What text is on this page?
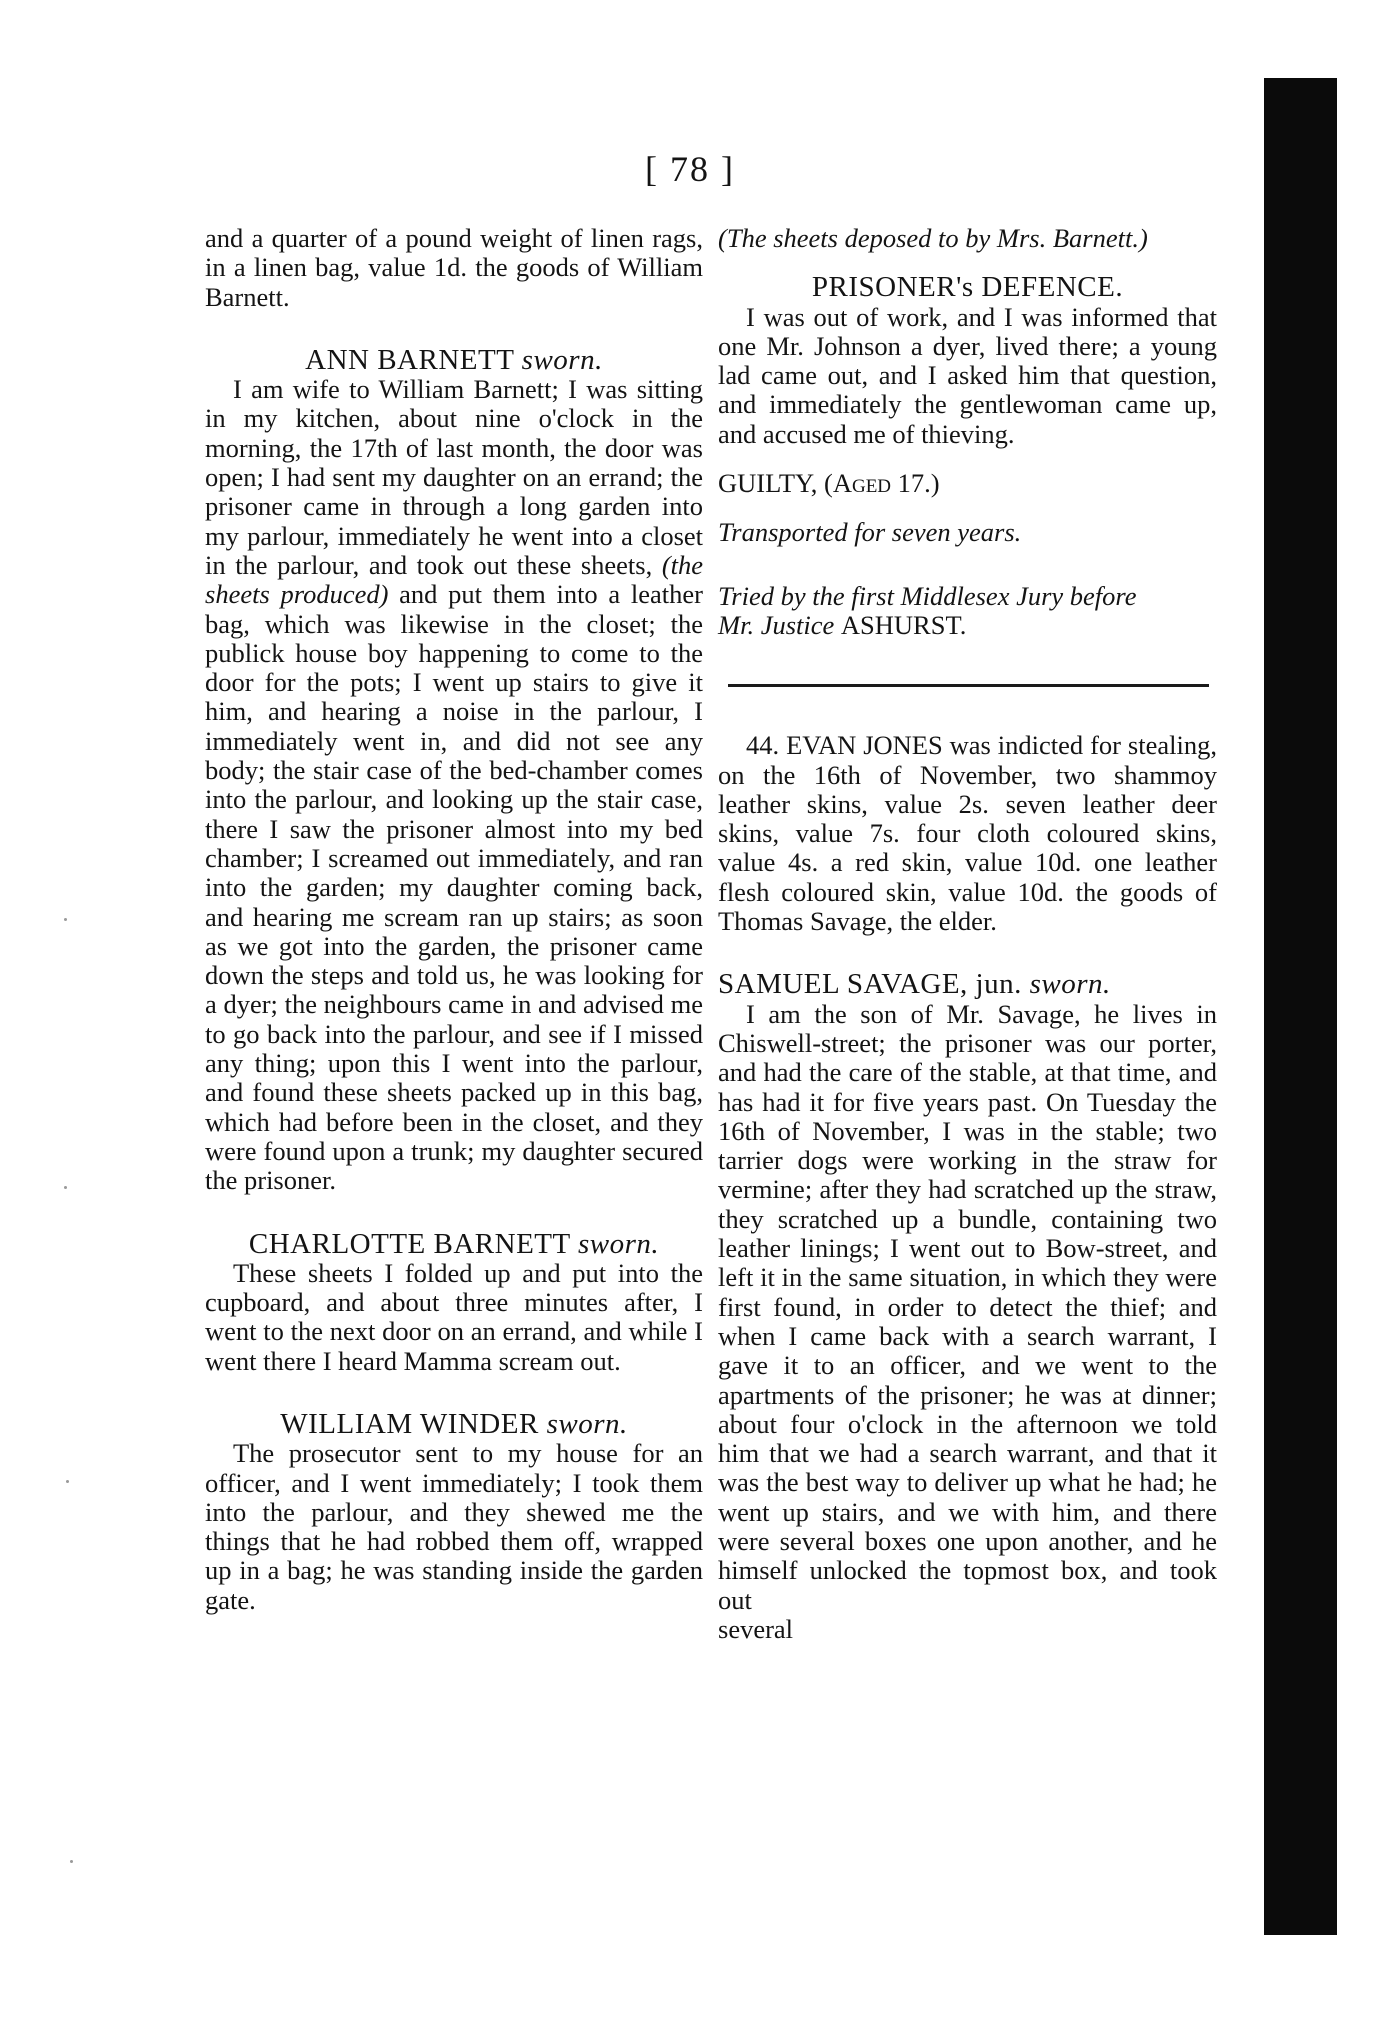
[ 78 ]

and a quarter of a pound weight of linen rags, in a linen bag, value 1d. the goods of William Barnett.

ANN BARNETT sworn.

I am wife to William Barnett; I was sitting in my kitchen, about nine o'clock in the morning, the 17th of last month, the door was open; I had sent my daughter on an errand; the prisoner came in through a long garden into my parlour, immediately he went into a closet in the parlour, and took out these sheets, (the sheets produced) and put them into a leather bag, which was likewise in the closet; the publick house boy happening to come to the door for the pots; I went up stairs to give it him, and hearing a noise in the parlour, I immediately went in, and did not see any body; the stair case of the bed-chamber comes into the parlour, and looking up the stair case, there I saw the prisoner almost into my bed chamber; I screamed out immediately, and ran into the garden; my daughter coming back, and hearing me scream ran up stairs; as soon as we got into the garden, the prisoner came down the steps and told us, he was looking for a dyer; the neighbours came in and advised me to go back into the parlour, and see if I missed any thing; upon this I went into the parlour, and found these sheets packed up in this bag, which had before been in the closet, and they were found upon a trunk; my daughter secured the prisoner.

CHARLOTTE BARNETT sworn.

These sheets I folded up and put into the cupboard, and about three minutes after, I went to the next door on an errand, and while I went there I heard Mamma scream out.

WILLIAM WINDER sworn.

The prosecutor sent to my house for an officer, and I went immediately; I took them into the parlour, and they shewed me the things that he had robbed them off, wrapped up in a bag; he was standing inside the garden gate.

(The sheets deposed to by Mrs. Barnett.)

PRISONER's DEFENCE.

I was out of work, and I was informed that one Mr. Johnson a dyer, lived there; a young lad came out, and I asked him that question, and immediately the gentlewoman came up, and accused me of thieving.

GUILTY, (Aged 17.)

Transported for seven years.

Tried by the first Middlesex Jury before

Mr. Justice ASHURST.

44. EVAN JONES was indicted for stealing, on the 16th of November, two shammoy leather skins, value 2s. seven leather deer skins, value 7s. four cloth coloured skins, value 4s. a red skin, value 10d. one leather flesh coloured skin, value 10d. the goods of Thomas Savage, the elder.

SAMUEL SAVAGE, jun. sworn.

I am the son of Mr. Savage, he lives in Chiswell-street; the prisoner was our porter, and had the care of the stable, at that time, and has had it for five years past. On Tuesday the 16th of November, I was in the stable; two tarrier dogs were working in the straw for vermine; after they had scratched up the straw, they scratched up a bundle, containing two leather linings; I went out to Bow-street, and left it in the same situation, in which they were first found, in order to detect the thief; and when I came back with a search warrant, I gave it to an officer, and we went to the apartments of the prisoner; he was at dinner; about four o'clock in the afternoon we told him that we had a search warrant, and that it was the best way to deliver up what he had; he went up stairs, and we with him, and there were several boxes one upon another, and he himself unlocked the topmost box, and took out

several
